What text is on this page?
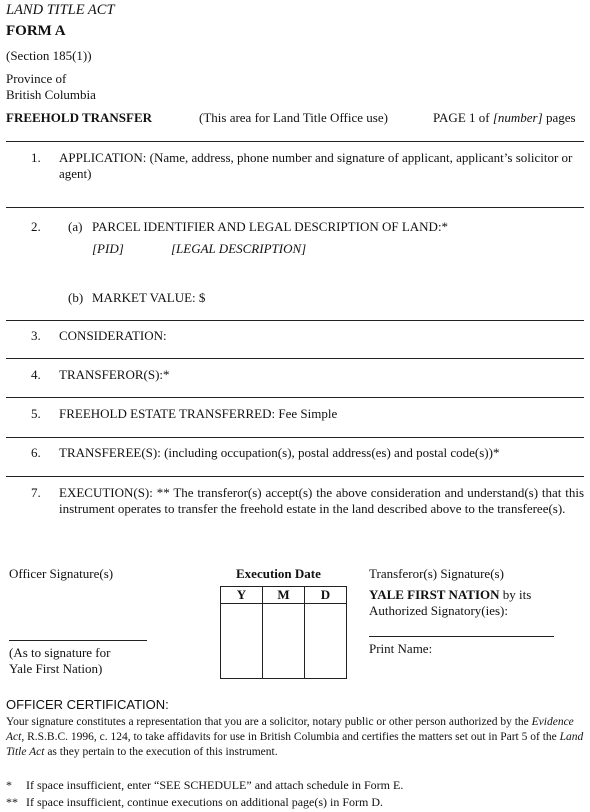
LAND TITLE ACT
FORM A
(Section 185(1))
Province of
British Columbia
FREEHOLD TRANSFER	(This area for Land Title Office use)	PAGE 1 of [number] pages
1. APPLICATION: (Name, address, phone number and signature of applicant, applicant’s solicitor or agent)
2. (a) PARCEL IDENTIFIER AND LEGAL DESCRIPTION OF LAND:*
[PID]	[LEGAL DESCRIPTION]
(b) MARKET VALUE: $
3. CONSIDERATION:
4. TRANSFEROR(S):*
5. FREEHOLD ESTATE TRANSFERRED: Fee Simple
6. TRANSFEREE(S): (including occupation(s), postal address(es) and postal code(s))*
7. EXECUTION(S): ** The transferor(s) accept(s) the above consideration and understand(s) that this instrument operates to transfer the freehold estate in the land described above to the transferee(s).
Officer Signature(s)
(As to signature for
Yale First Nation)
Execution Date
Y	M	D

Transferor(s) Signature(s)
YALE FIRST NATION by its
Authorized Signatory(ies):
Print Name:
OFFICER CERTIFICATION:
Your signature constitutes a representation that you are a solicitor, notary public or other person authorized by the Evidence Act, R.S.B.C. 1996, c. 124, to take affidavits for use in British Columbia and certifies the matters set out in Part 5 of the Land Title Act as they pertain to the execution of this instrument.
* If space insufficient, enter “SEE SCHEDULE” and attach schedule in Form E.
** If space insufficient, continue executions on additional page(s) in Form D.
